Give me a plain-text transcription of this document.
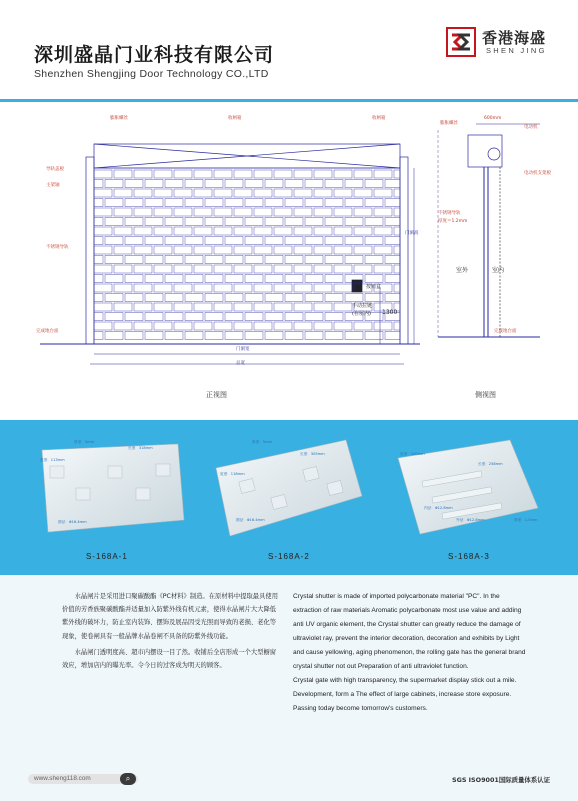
深圳盛晶门业科技有限公司
Shenzhen Shengjing Door Technology CO.,LTD
香港海盛
SHEN JING
膨胀螺丝	收闸箱
导轨盖板
主架轴
不锈钢导轨
完成地台面
收闸箱
膨胀螺丝
600mm
电动机
电动机支架板
不锈钢导轨
厚度＝1.2mm
室外	室内
按钮盒
手动拉链
(在屋内)
完成地台面
1300
门洞高
门洞宽
总宽
正视图	侧视图
厚度：5mm
长度：318mm
宽度：113mm
圆径：Φ16.4mm
厚度：5mm
长度：305mm
宽度：118mm
圆径：Φ16.4mm
宽度：100mm
长度：258mm
内径：Φ12.8mm
外径：Φ12.8mm	厚度：1.5mm
S-168A-1	S-168A-2	S-168A-3

水晶闸片是采用进口聚碳酸酯《PC材料》制造。在原材料中提取最具使用价值的芳香族聚碳酸酯并适量加入防紫外线有机元素，使得水晶闸片大大降低紫外线的破坏力，防止室内装饰、摆饰及展品因受光照而导致的老损、老化等现象，使卷闸具有一般晶牌水晶卷闸不具备的防紫外线功能。

水晶闸门透明度高、超市内摆设一目了然。收铺后全店形成一个大型橱窗效应，增加店内的曝光率。令今日的过客成为明天的顾客。

Crystal shutter is made of imported polycarbonate material "PC". In the

extraction of raw materials Aromatic polycarbonate most use value and adding

anti UV organic element, the Crystal shutter can greatly reduce the damage of

ultraviolet ray, prevent the interior decoration, decoration and exhibits by Light

and cause yellowing, aging phenomenon, the rolling gate has the general brand

crystal shutter not out Preparation of anti ultraviolet function.

Crystal gate with high transparency, the supermarket display stick out a mile.

Development, form a The effect of large cabinets, increase store exposure.

Passing today become tomorrow's customers.

www.sheng118.com	⌕	SGS ISO9001国际质量体系认证
